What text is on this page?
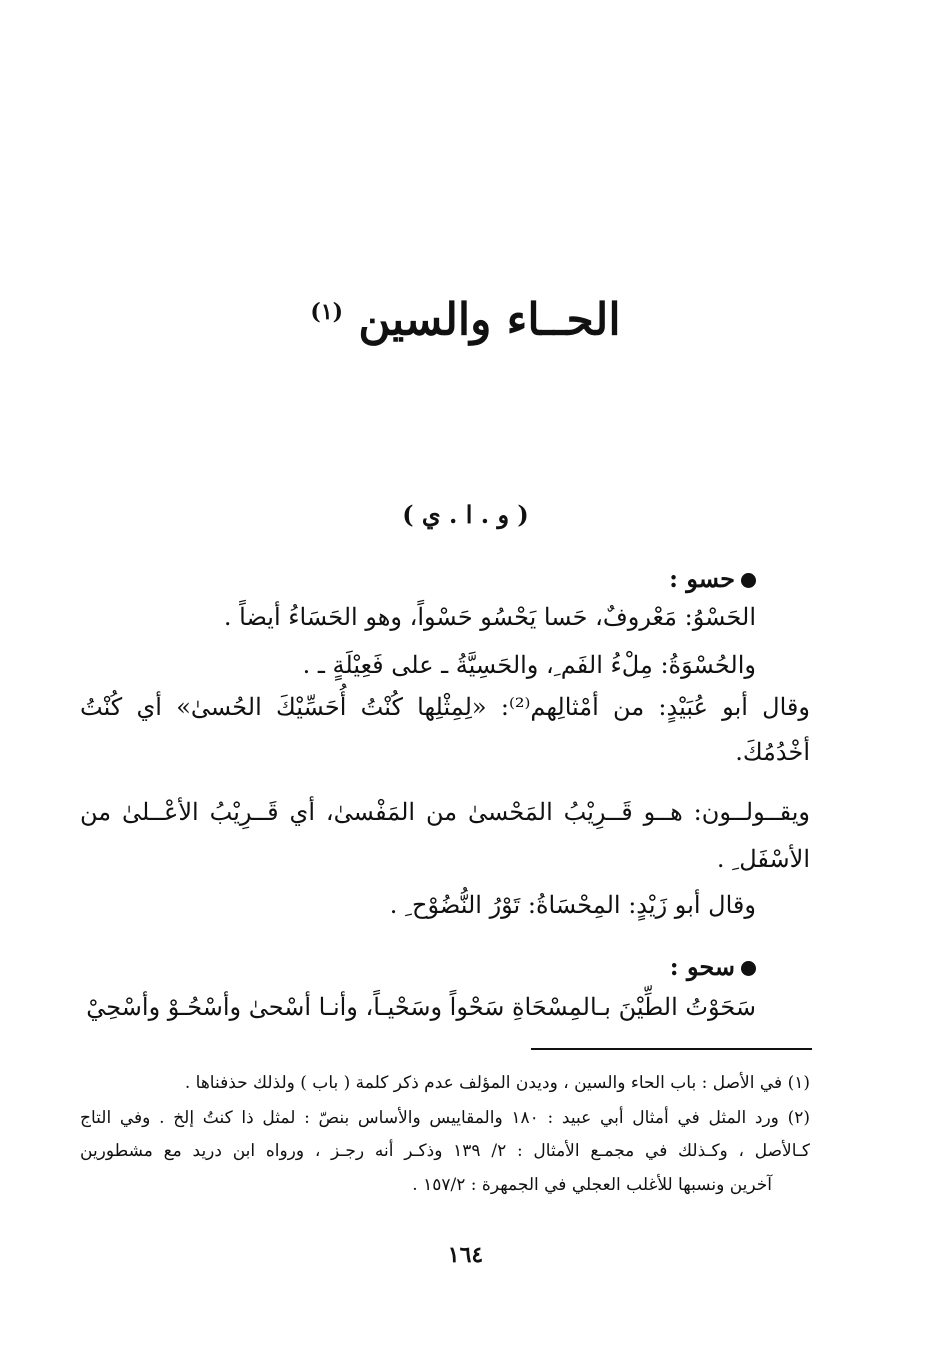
الحــاء والسين $^{(١)}$
( و . ا . ي )
حسو :
الحَسْوُ: مَعْروفٌ، حَسا يَحْسُو حَسْواً، وهو الحَسَاءُ أيضاً .
والحُسْوَةُ: مِلْءُ الفَم ِ، والحَسِيَّةُ ـ على فَعِيْلَةٍ ـ .
وقال أبو عُبَيْدٍ: من أمْثالِهم⁽²⁾: «لِمِثْلِها كُنْتُ أُحَسِّيْكَ الحُسىٰ» أي كُنْتُ
أخْدُمُكَ.
ويقــولــون: هــو قَــرِيْبُ المَحْسىٰ من المَفْسىٰ، أي قَــرِيْبُ الأعْــلىٰ من
الأسْفَل ِ .
وقال أبو زَيْدٍ: المِحْسَاةُ: تَوْرُ النُّضُوْح ِ .
سحو :
سَحَوْتُ الطِّيْنَ بـالمِسْحَاةِ سَحْواً وسَحْيـاً، وأنـا أسْحىٰ وأسْحُـوْ وأسْحِيْ
(١) في الأصل : باب الحاء والسين ، وديدن المؤلف عدم ذكر كلمة ( باب ) ولذلك حذفناها .
(٢) ورد المثل في أمثال أبي عبيد : ١٨٠ والمقاييس والأساس بنصّ : لمثل ذا كنتُ إلخ . وفي التاج
كـالأصل ، وكـذلك في مجمـع الأمثال : ٢/ ١٣٩ وذكـر أنه رجـز ، ورواه ابن دريد مع مشطورين
آخرين ونسبها للأغلب العجلي في الجمهرة : ١٥٧/٢ .
١٦٤
